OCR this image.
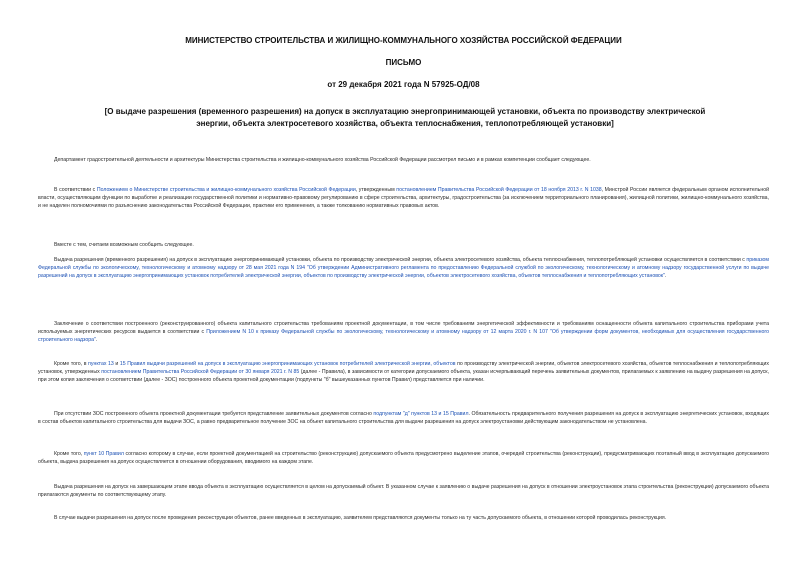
МИНИСТЕРСТВО СТРОИТЕЛЬСТВА И ЖИЛИЩНО-КОММУНАЛЬНОГО ХОЗЯЙСТВА РОССИЙСКОЙ ФЕДЕРАЦИИ
ПИСЬМО
от 29 декабря 2021 года N 57925-ОД/08
[О выдаче разрешения (временного разрешения) на допуск в эксплуатацию энергопринимающей установки, объекта по производству электрической энергии, объекта электросетевого хозяйства, объекта теплоснабжения, теплопотребляющей установки]
Департамент градостроительной деятельности и архитектуры Министерства строительства и жилищно-коммунального хозяйства Российской Федерации рассмотрел письмо и в рамках компетенции сообщает следующее.
В соответствии с Положением о Министерстве строительства и жилищно-коммунального хозяйства Российской Федерации, утвержденным постановлением Правительства Российской Федерации от 18 ноября 2013 г. N 1038, Минстрой России является федеральным органом исполнительной власти, осуществляющим функции по выработке и реализации государственной политики и нормативно-правовому регулированию в сфере строительства, архитектуры, градостроительства (за исключением территориального планирования), жилищной политики, жилищно-коммунального хозяйства, и не наделен полномочиями по разъяснению законодательства Российской Федерации, практики его применения, а также толкованию нормативных правовых актов.
Вместе с тем, считаем возможным сообщить следующее.
Выдача разрешения (временного разрешения) на допуск в эксплуатацию энергопринимающей установки, объекта по производству электрической энергии, объекта электросетевого хозяйства, объекта теплоснабжения, теплопотребляющей установки осуществляется в соответствии с приказом Федеральной службы по экологическому, технологическому и атомному надзору от 28 мая 2021 года N 194 "Об утверждении Административного регламента по предоставлению Федеральной службой по экологическому, технологическому и атомному надзору государственной услуги по выдаче разрешений на допуск в эксплуатацию энергопринимающих установок потребителей электрической энергии, объектов по производству электрической энергии, объектов электросетевого хозяйства, объектов теплоснабжения и теплопотребляющих установок".
Заключение о соответствии построенного (реконструированного) объекта капитального строительства требованиям проектной документации, в том числе требованиям энергетической эффективности и требованиям оснащенности объекта капитального строительства приборами учета используемых энергетических ресурсов выдается в соответствии с Приложением N 10 к приказу Федеральной службы по экологическому, технологическому и атомному надзору от 12 марта 2020 г. N 107 "Об утверждении форм документов, необходимых для осуществления государственного строительного надзора".
Кроме того, в пунктах 13 и 15 Правил выдачи разрешений на допуск в эксплуатацию энергопринимающих установок потребителей электрической энергии, объектов по производству электрической энергии, объектов электросетевого хозяйства, объектов теплоснабжения и теплопотребляющих установок, утвержденных постановлением Правительства Российской Федерации от 30 января 2021 г. N 85 (далее - Правила), в зависимости от категории допускаемого объекта, указан исчерпывающий перечень заявительных документов, прилагаемых к заявлению на выдачу разрешения на допуск, при этом копия заключения о соответствии (далее - ЗОС) построенного объекта проектной документации (подпункты "б" вышеуказанных пунктов Правил) представляется при наличии.
При отсутствии ЗОС построенного объекта проектной документации требуется представление заявительных документов согласно подпунктам "д" пунктов 13 и 15 Правил. Обязательность предварительного получения разрешения на допуск в эксплуатацию энергетических установок, входящих в состав объектов капитального строительства для выдачи ЗОС, а равно предварительное получение ЗОС на объект капитального строительства для выдачи разрешения на допуск электроустановки действующим законодательством не установлена.
Кроме того, пункт 10 Правил согласно которому в случае, если проектной документацией на строительство (реконструкцию) допускаемого объекта предусмотрено выделение этапов, очередей строительства (реконструкции), предусматривающих поэтапный ввод в эксплуатацию допускаемого объекта, выдача разрешения на допуск осуществляется в отношении оборудования, вводимого на каждом этапе.
Выдача разрешения на допуск на завершающем этапе ввода объекта в эксплуатацию осуществляется в целом на допускаемый объект. В указанном случае к заявлению о выдаче разрешения на допуск в отношении электроустановок этапа строительства (реконструкции) допускаемого объекта прилагаются документы по соответствующему этапу.
В случае выдачи разрешения на допуск после проведения реконструкции объектов, ранее введенных в эксплуатацию, заявителем представляются документы только на ту часть допускаемого объекта, в отношении которой проводилась реконструкция.
